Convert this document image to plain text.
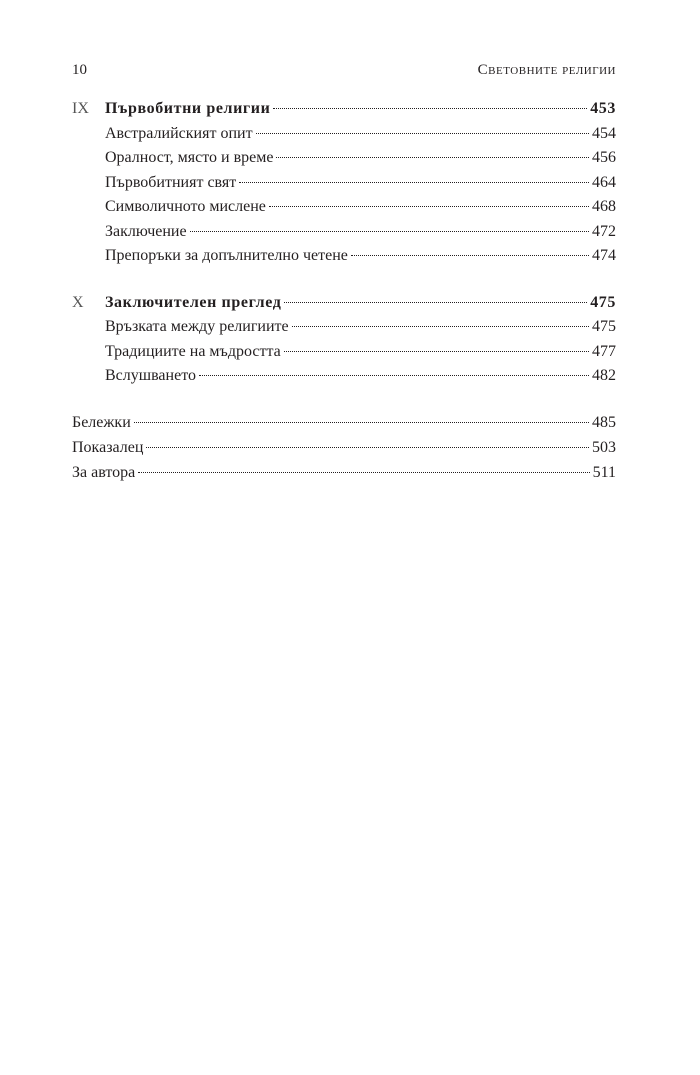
10	Световните религии
IX	Първобитни религии	453
Австралийският опит	454
Оралност, място и време	456
Първобитният свят	464
Символичното мислене	468
Заключение	472
Препоръки за допълнително четене	474
X	Заключителен преглед	475
Връзката между религиите	475
Традициите на мъдростта	477
Вслушването	482
Бележки	485
Показалец	503
За автора	511
